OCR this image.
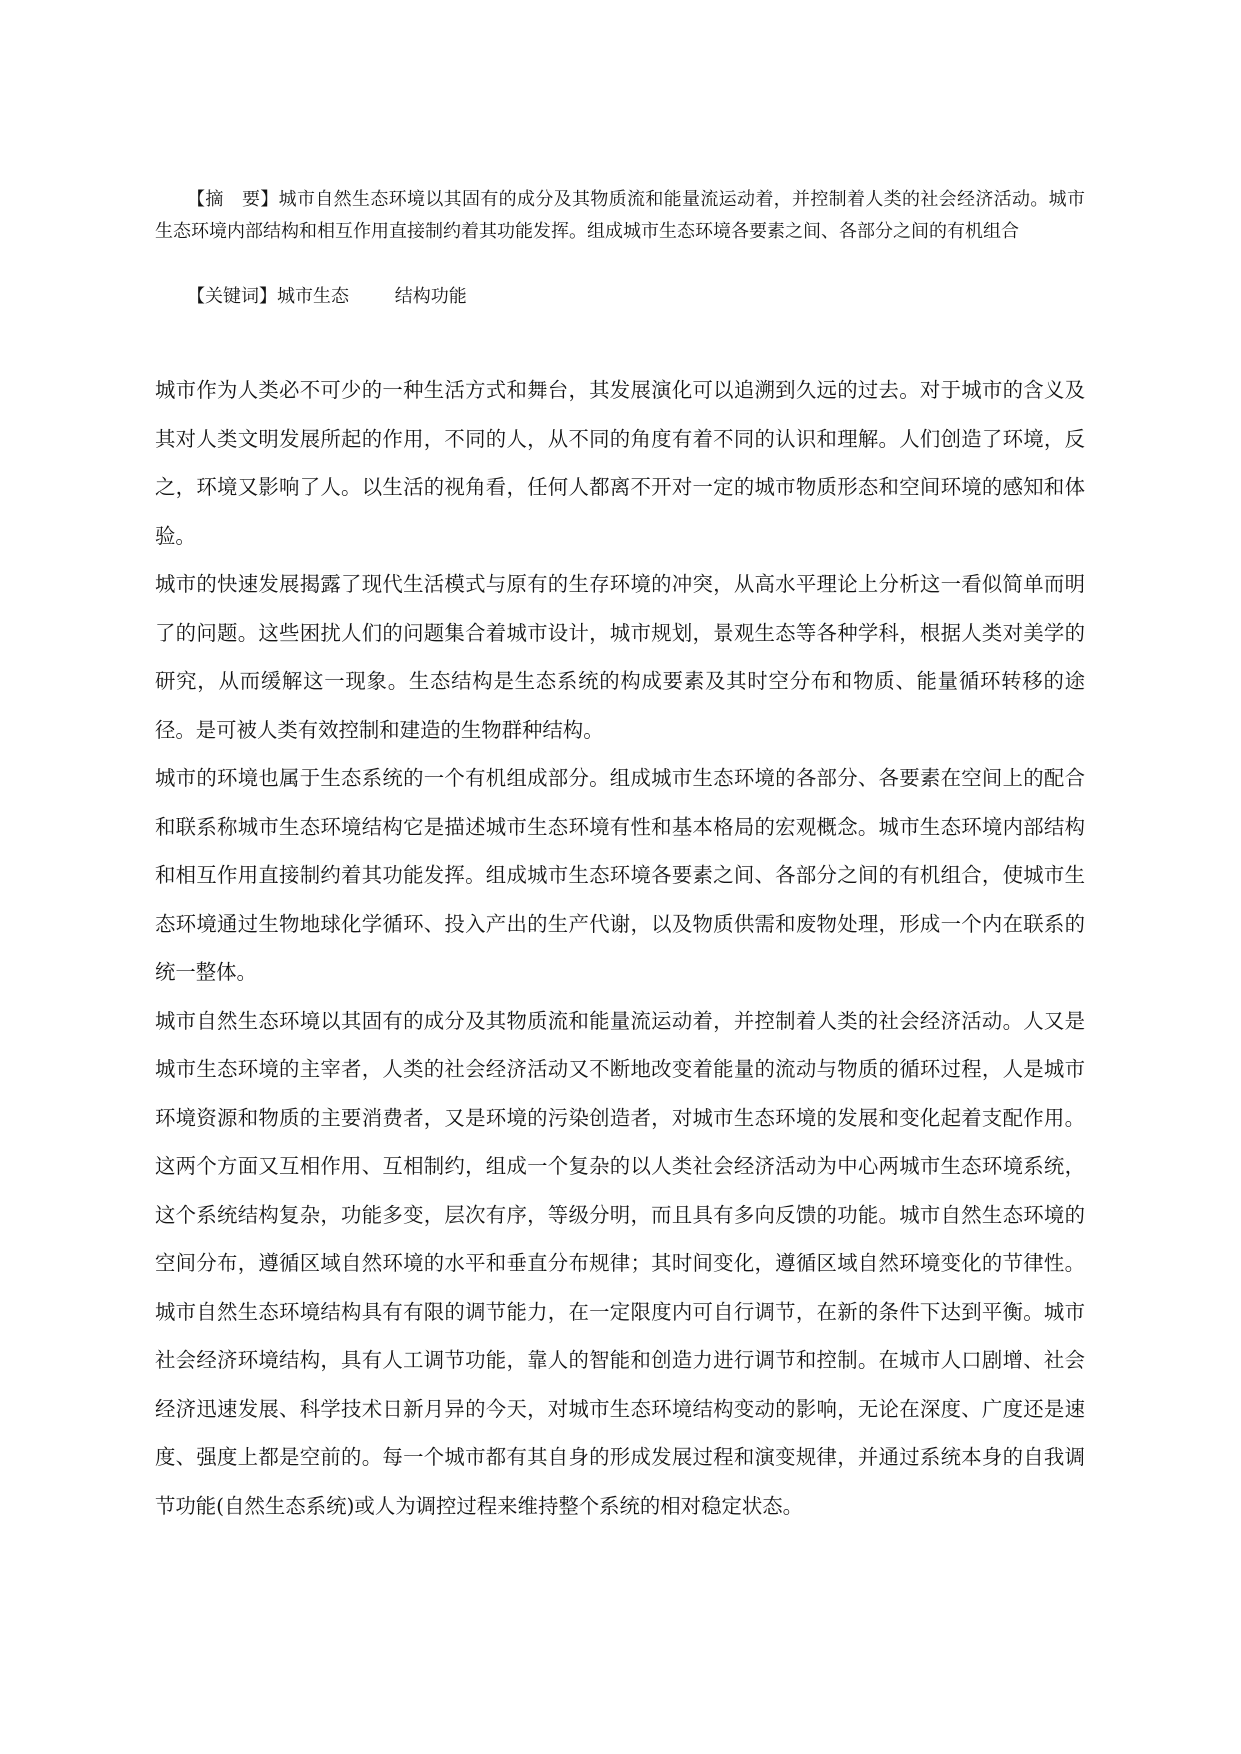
【摘　要】城市自然生态环境以其固有的成分及其物质流和能量流运动着，并控制着人类的社会经济活动。城市生态环境内部结构和相互作用直接制约着其功能发挥。组成城市生态环境各要素之间、各部分之间的有机组合

【关键词】城市生态        结构功能

城市作为人类必不可少的一种生活方式和舞台，其发展演化可以追溯到久远的过去。对于城市的含义及其对人类文明发展所起的作用，不同的人，从不同的角度有着不同的认识和理解。人们创造了环境，反之，环境又影响了人。以生活的视角看，任何人都离不开对一定的城市物质形态和空间环境的感知和体验。

城市的快速发展揭露了现代生活模式与原有的生存环境的冲突，从高水平理论上分析这一看似简单而明了的问题。这些困扰人们的问题集合着城市设计，城市规划，景观生态等各种学科，根据人类对美学的研究，从而缓解这一现象。生态结构是生态系统的构成要素及其时空分布和物质、能量循环转移的途径。是可被人类有效控制和建造的生物群种结构。

城市的环境也属于生态系统的一个有机组成部分。组成城市生态环境的各部分、各要素在空间上的配合和联系称城市生态环境结构它是描述城市生态环境有性和基本格局的宏观概念。城市生态环境内部结构和相互作用直接制约着其功能发挥。组成城市生态环境各要素之间、各部分之间的有机组合，使城市生态环境通过生物地球化学循环、投入产出的生产代谢，以及物质供需和废物处理，形成一个内在联系的统一整体。

城市自然生态环境以其固有的成分及其物质流和能量流运动着，并控制着人类的社会经济活动。人又是城市生态环境的主宰者，人类的社会经济活动又不断地改变着能量的流动与物质的循环过程，人是城市环境资源和物质的主要消费者，又是环境的污染创造者，对城市生态环境的发展和变化起着支配作用。这两个方面又互相作用、互相制约，组成一个复杂的以人类社会经济活动为中心两城市生态环境系统，这个系统结构复杂，功能多变，层次有序，等级分明，而且具有多向反馈的功能。城市自然生态环境的空间分布，遵循区域自然环境的水平和垂直分布规律；其时间变化，遵循区域自然环境变化的节律性。城市自然生态环境结构具有有限的调节能力，在一定限度内可自行调节，在新的条件下达到平衡。城市社会经济环境结构，具有人工调节功能，靠人的智能和创造力进行调节和控制。在城市人口剧增、社会经济迅速发展、科学技术日新月异的今天，对城市生态环境结构变动的影响，无论在深度、广度还是速度、强度上都是空前的。每一个城市都有其自身的形成发展过程和演变规律，并通过系统本身的自我调节功能(自然生态系统)或人为调控过程来维持整个系统的相对稳定状态。
